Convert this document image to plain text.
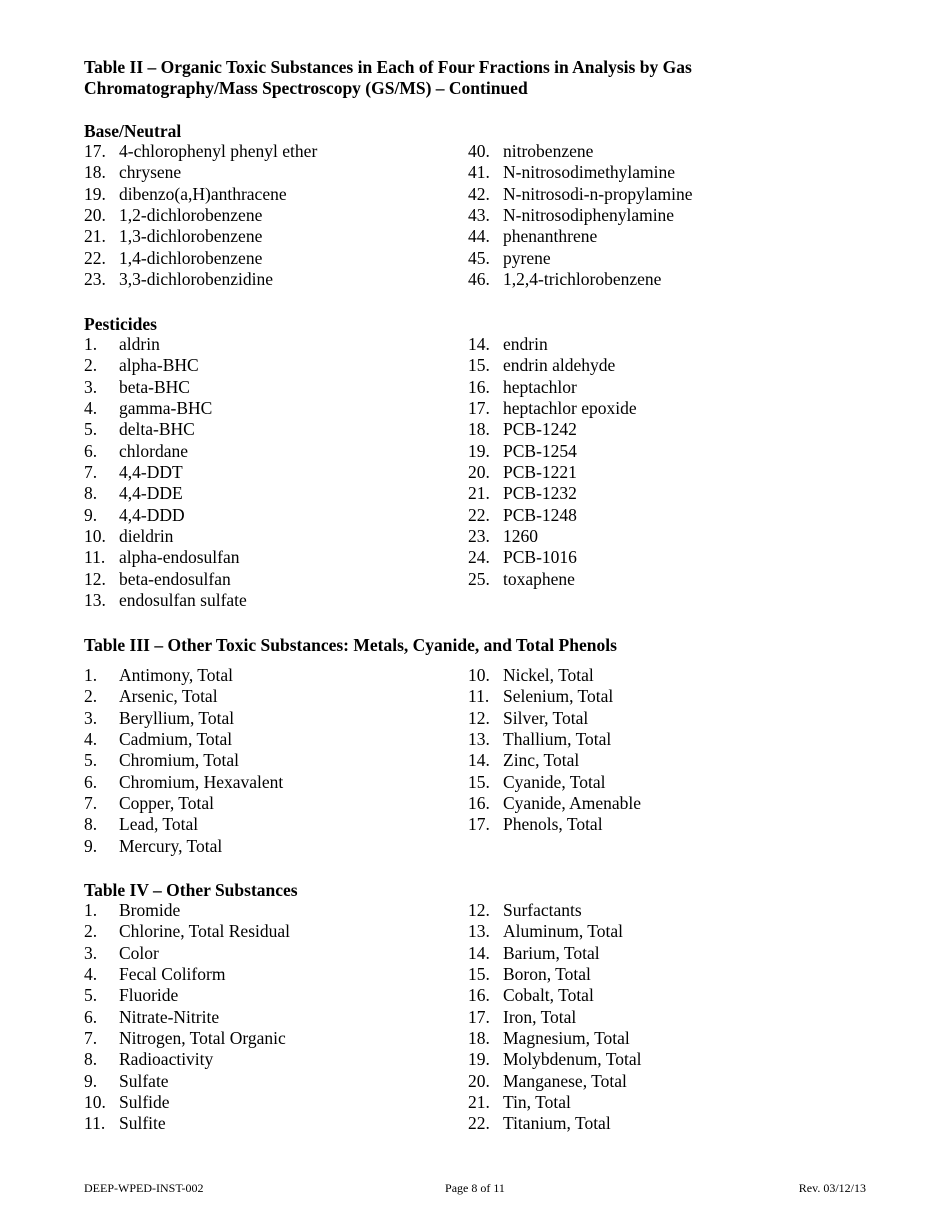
Table II – Organic Toxic Substances in Each of Four Fractions in Analysis by Gas
Chromatography/Mass Spectroscopy (GS/MS) – Continued
Base/Neutral
17. 4-chlorophenyl phenyl ether
18. chrysene
19. dibenzo(a,H)anthracene
20. 1,2-dichlorobenzene
21. 1,3-dichlorobenzene
22. 1,4-dichlorobenzene
23. 3,3-dichlorobenzidine
40. nitrobenzene
41. N-nitrosodimethylamine
42. N-nitrosodi-n-propylamine
43. N-nitrosodiphenylamine
44. phenanthrene
45. pyrene
46. 1,2,4-trichlorobenzene
Pesticides
1. aldrin
2. alpha-BHC
3. beta-BHC
4. gamma-BHC
5. delta-BHC
6. chlordane
7. 4,4-DDT
8. 4,4-DDE
9. 4,4-DDD
10. dieldrin
11. alpha-endosulfan
12. beta-endosulfan
13. endosulfan sulfate
14. endrin
15. endrin aldehyde
16. heptachlor
17. heptachlor epoxide
18. PCB-1242
19. PCB-1254
20. PCB-1221
21. PCB-1232
22. PCB-1248
23. 1260
24. PCB-1016
25. toxaphene
Table III – Other Toxic Substances: Metals, Cyanide, and Total Phenols
1. Antimony, Total
2. Arsenic, Total
3. Beryllium, Total
4. Cadmium, Total
5. Chromium, Total
6. Chromium, Hexavalent
7. Copper, Total
8. Lead, Total
9. Mercury, Total
10. Nickel, Total
11. Selenium, Total
12. Silver, Total
13. Thallium, Total
14. Zinc, Total
15. Cyanide, Total
16. Cyanide, Amenable
17. Phenols, Total
Table IV – Other Substances
1. Bromide
2. Chlorine, Total Residual
3. Color
4. Fecal Coliform
5. Fluoride
6. Nitrate-Nitrite
7. Nitrogen, Total Organic
8. Radioactivity
9. Sulfate
10. Sulfide
11. Sulfite
12. Surfactants
13. Aluminum, Total
14. Barium, Total
15. Boron, Total
16. Cobalt, Total
17. Iron, Total
18. Magnesium, Total
19. Molybdenum, Total
20. Manganese, Total
21. Tin, Total
22. Titanium, Total
DEEP-WPED-INST-002	Page 8 of 11	Rev. 03/12/13
